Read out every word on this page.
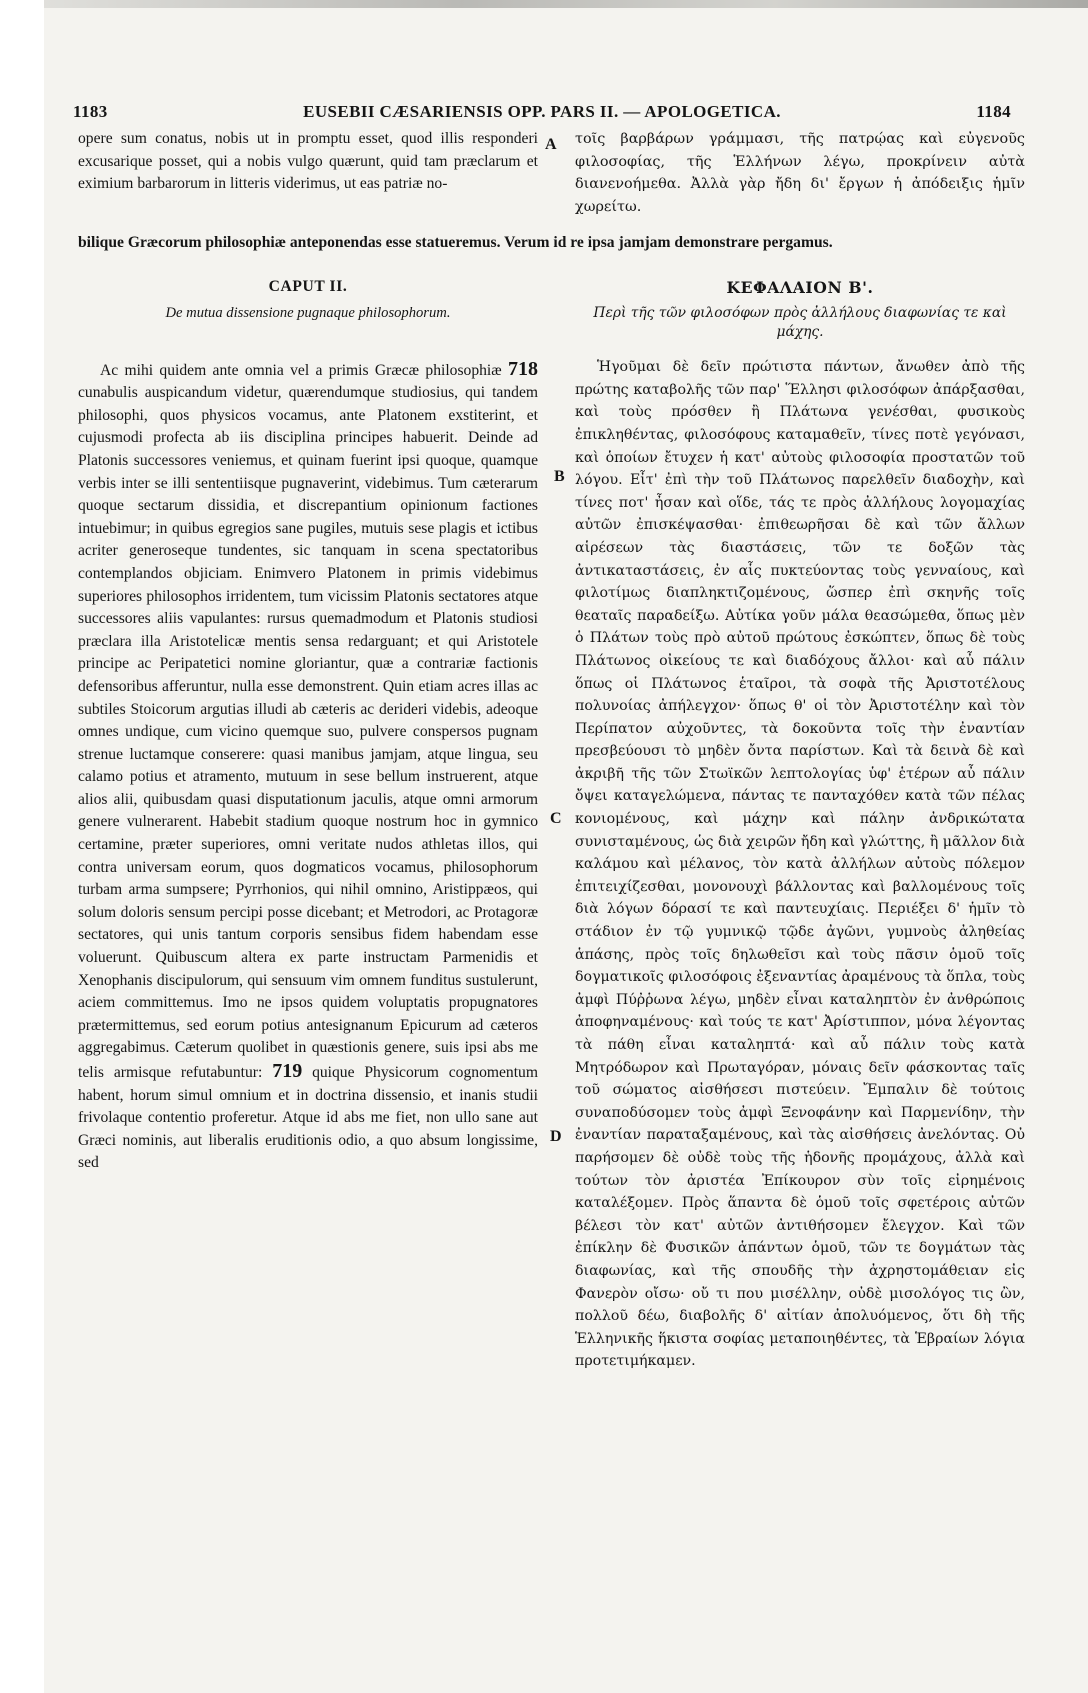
1183	EUSEBII CÆSARIENSIS OPP. PARS II. — APOLOGETICA.	1184

opere sum conatus, nobis ut in promptu esset, quod illis responderi excusarique posset, qui a nobis vulgo quærunt, quid tam præclarum et eximium barbarorum in litteris viderimus, ut eas patriæ no-

τοῖς βαρβάρων γράμμασι, τῆς πατρῴας καὶ εὐγενοῦς φιλοσοφίας, τῆς Ἑλλήνων λέγω, προκρίνειν αὐτὰ διανενοήμεθα. Ἀλλὰ γὰρ ἤδη δι' ἔργων ἡ ἀπόδειξις ἡμῖν χωρείτω.

bilique Græcorum philosophiæ anteponendas esse statueremus. Verum id re ipsa jamjam demonstrare pergamus.
CAPUT II.
De mutua dissensione pugnaque philosophorum.
ΚΕΦΑΛΑΙΟΝ Β'.
Περὶ τῆς τῶν φιλοσόφων πρὸς ἀλλήλους διαφωνίας τε καὶ μάχης.

Ac mihi quidem ante omnia vel a primis Græcæ philosophiæ 718 cunabulis auspicandum videtur, quærendumque studiosius, qui tandem philosophi, quos physicos vocamus, ante Platonem exstiterint, et cujusmodi profecta ab iis disciplina principes habuerit. Deinde ad Platonis successores veniemus, et quinam fuerint ipsi quoque, quamque verbis inter se illi sententiisque pugnaverint, videbimus. Tum cæterarum quoque sectarum dissidia, et discrepantium opinionum factiones intuebimur; in quibus egregios sane pugiles, mutuis sese plagis et ictibus acriter generoseque tundentes, sic tanquam in scena spectatoribus contemplandos objiciam. Enimvero Platonem in primis videbimus superiores philosophos irridentem, tum vicissim Platonis sectatores atque successores aliis vapulantes: rursus quemadmodum et Platonis studiosi præclara illa Aristotelicæ mentis sensa redarguant; et qui Aristotele principe ac Peripatetici nomine gloriantur, quæ a contrariæ factionis defensoribus afferuntur, nulla esse demonstrent. Quin etiam acres illas ac subtiles Stoicorum argutias illudi ab cæteris ac derideri videbis, adeoque omnes undique, cum vicino quemque suo, pulvere conspersos pugnam strenue luctamque conserere: quasi manibus jamjam, atque lingua, seu calamo potius et atramento, mutuum in sese bellum instruerent, atque alios alii, quibusdam quasi disputationum jaculis, atque omni armorum genere vulnerarent. Habebit stadium quoque nostrum hoc in gymnico certamine, præter superiores, omni veritate nudos athletas illos, qui contra universam eorum, quos dogmaticos vocamus, philosophorum turbam arma sumpsere; Pyrrhonios, qui nihil omnino, Aristippæos, qui solum doloris sensum percipi posse dicebant; et Metrodori, ac Protagoræ sectatores, qui unis tantum corporis sensibus fidem habendam esse voluerunt. Quibuscum altera ex parte instructam Parmenidis et Xenophanis discipulorum, qui sensuum vim omnem funditus sustulerunt, aciem committemus. Imo ne ipsos quidem voluptatis propugnatores prætermittemus, sed eorum potius antesignanum Epicurum ad cæteros aggregabimus. Cæterum quolibet in quæstionis genere, suis ipsi abs me telis armisque refutabuntur: 719 quique Physicorum cognomentum habent, horum simul omnium et in doctrina dissensio, et inanis studii frivolaque contentio proferetur. Atque id abs me fiet, non ullo sane aut Græci nominis, aut liberalis eruditionis odio, a quo absum longissime, sed

Ἡγοῦμαι δὲ δεῖν πρώτιστα πάντων, ἄνωθεν ἀπὸ τῆς πρώτης καταβολῆς τῶν παρ' Ἕλλησι φιλοσόφων ἀπάρξασθαι, καὶ τοὺς πρόσθεν ἢ Πλάτωνα γενέσθαι, φυσικοὺς ἐπικληθέντας, φιλοσόφους καταμαθεῖν, τίνες ποτὲ γεγόνασι, καὶ ὁποίων ἔτυχεν ἡ κατ' αὐτοὺς φιλοσοφία προστατῶν τοῦ λόγου. Εἶτ' ἐπὶ τὴν τοῦ Πλάτωνος παρελθεῖν διαδοχὴν, καὶ τίνες ποτ' ἦσαν καὶ οἵδε, τάς τε πρὸς ἀλλήλους λογομαχίας αὐτῶν ἐπισκέψασθαι· ἐπιθεωρῆσαι δὲ καὶ τῶν ἄλλων αἱρέσεων τὰς διαστάσεις, τῶν τε δοξῶν τὰς ἀντικαταστάσεις, ἐν αἷς πυκτεύοντας τοὺς γενναίους, καὶ φιλοτίμως διαπληκτιζομένους, ὥσπερ ἐπὶ σκηνῆς τοῖς θεαταῖς παραδείξω. Αὐτίκα γοῦν μάλα θεασώμεθα, ὅπως μὲν ὁ Πλάτων τοὺς πρὸ αὐτοῦ πρώτους ἐσκώπτεν, ὅπως δὲ τοὺς Πλάτωνος οἰκείους τε καὶ διαδόχους ἄλλοι· καὶ αὖ πάλιν ὅπως οἱ Πλάτωνος ἑταῖροι, τὰ σοφὰ τῆς Ἀριστοτέλους πολυνοίας ἀπήλεγχον· ὅπως θ' οἱ τὸν Ἀριστοτέλην καὶ τὸν Περίπατον αὐχοῦντες, τὰ δοκοῦντα τοῖς τὴν ἐναντίαν πρεσβεύουσι τὸ μηδὲν ὄντα παρίστων. Καὶ τὰ δεινὰ δὲ καὶ ἀκριβῆ τῆς τῶν Στωϊκῶν λεπτολογίας ὑφ' ἑτέρων αὖ πάλιν ὄψει καταγελώμενα, πάντας τε πανταχόθεν κατὰ τῶν πέλας κονιομένους, καὶ μάχην καὶ πάλην ἀνδρικώτατα συνισταμένους, ὡς διὰ χειρῶν ἤδη καὶ γλώττης, ἢ μᾶλλον διὰ καλάμου καὶ μέλανος, τὸν κατὰ ἀλλήλων αὐτοὺς πόλεμον ἐπιτειχίζεσθαι, μονονουχὶ βάλλοντας καὶ βαλλομένους τοῖς διὰ λόγων δόρασί τε καὶ παντευχίαις. Περιέξει δ' ἡμῖν τὸ στάδιον ἐν τῷ γυμνικῷ τῷδε ἀγῶνι, γυμνοὺς ἀληθείας ἁπάσης, πρὸς τοῖς δηλωθεῖσι καὶ τοὺς πᾶσιν ὁμοῦ τοῖς δογματικοῖς φιλοσόφοις ἐξεναντίας ἀραμένους τὰ ὅπλα, τοὺς ἀμφὶ Πύῤῥωνα λέγω, μηδὲν εἶναι καταληπτὸν ἐν ἀνθρώποις ἀποφηναμένους· καὶ τούς τε κατ' Ἀρίστιππον, μόνα λέγοντας τὰ πάθη εἶναι καταληπτά· καὶ αὖ πάλιν τοὺς κατὰ Μητρόδωρον καὶ Πρωταγόραν, μόναις δεῖν φάσκοντας ταῖς τοῦ σώματος αἰσθήσεσι πιστεύειν. Ἔμπαλιν δὲ τούτοις συναποδύσομεν τοὺς ἀμφὶ Ξενοφάνην καὶ Παρμενίδην, τὴν ἐναντίαν παραταξαμένους, καὶ τὰς αἰσθήσεις ἀνελόντας. Οὐ παρήσομεν δὲ οὐδὲ τοὺς τῆς ἡδονῆς προμάχους, ἀλλὰ καὶ τούτων τὸν ἀριστέα Ἐπίκουρον σὺν τοῖς εἰρημένοις καταλέξομεν. Πρὸς ἅπαντα δὲ ὁμοῦ τοῖς σφετέροις αὐτῶν βέλεσι τὸν κατ' αὐτῶν ἀντιθήσομεν ἔλεγχον. Καὶ τῶν ἐπίκλην δὲ Φυσικῶν ἁπάντων ὁμοῦ, τῶν τε δογμάτων τὰς διαφωνίας, καὶ τῆς σπουδῆς τὴν ἀχρηστομάθειαν εἰς Φανερὸν οἴσω· οὔ τι που μισέλλην, οὐδὲ μισολόγος τις ὢν, πολλοῦ δέω, διαβολῆς δ' αἰτίαν ἀπολυόμενος, ὅτι δὴ τῆς Ἑλληνικῆς ἥκιστα σοφίας μεταποιηθέντες, τὰ Ἑβραίων λόγια προτετιμήκαμεν.

A
B
C
D
